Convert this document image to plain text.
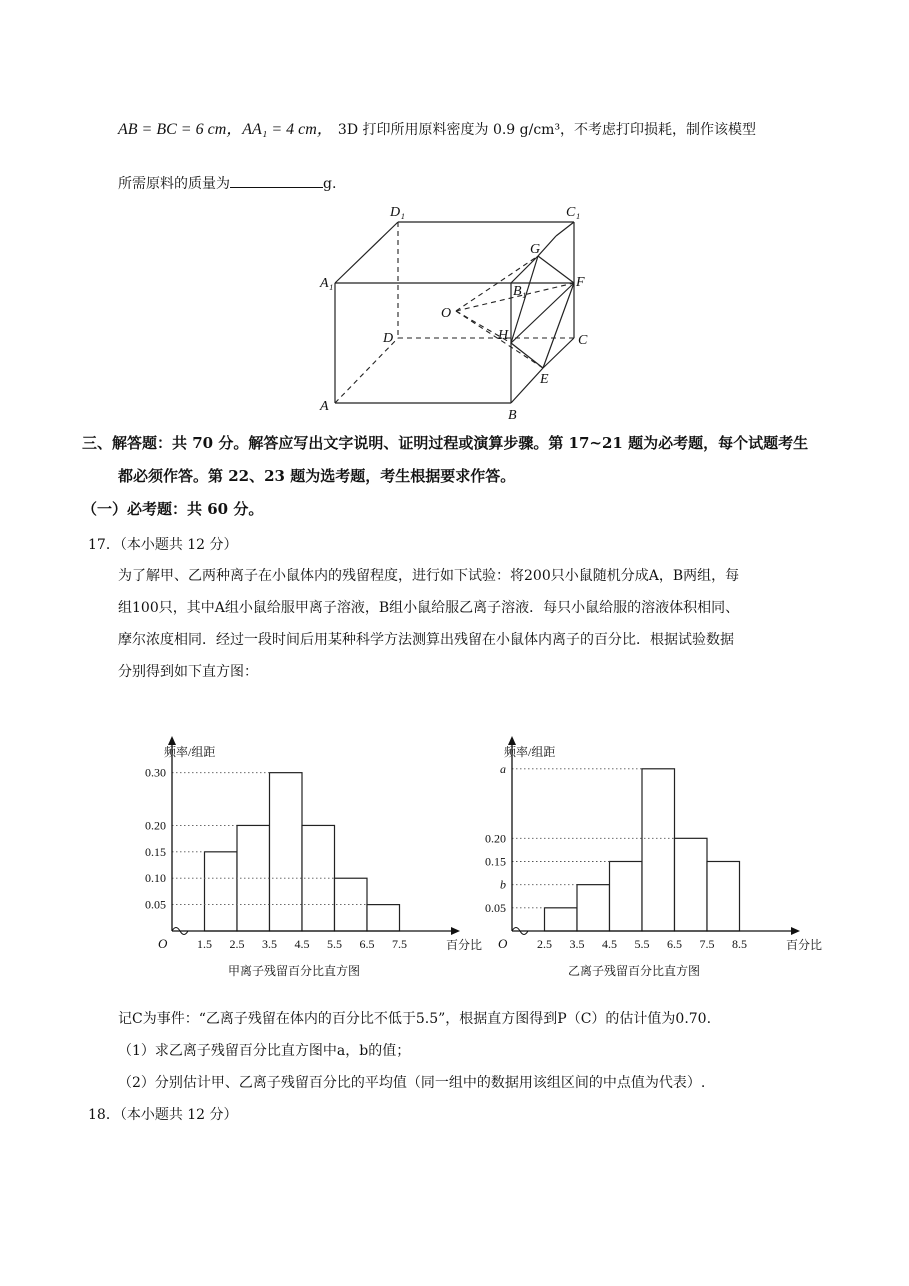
AB = BC = 6 cm，AA₁ = 4 cm， 3D 打印所用原料密度为 0.9 g/cm³，不考虑打印损耗，制作该模型
所需原料的质量为	g.
D₁	C₁
A₁
B₁
D	C
A
B
G
F
O
H
E
三、解答题：共 70 分。解答应写出文字说明、证明过程或演算步骤。第 17~21 题为必考题，每个试题考生
都必须作答。第 22、23 题为选考题，考生根据要求作答。
（一）必考题：共 60 分。
17．（本小题共 12 分）
为了解甲、乙两种离子在小鼠体内的残留程度，进行如下试验：将200只小鼠随机分成A，B两组，每
组100只，其中A组小鼠给服甲离子溶液，B组小鼠给服乙离子溶液．每只小鼠给服的溶液体积相同、
摩尔浓度相同．经过一段时间后用某种科学方法测算出残留在小鼠体内离子的百分比．根据试验数据
分别得到如下直方图：
0.05
0.10
0.15
0.20
0.30
1.5 2.5 3.5 4.5 5.5 6.5 7.5
O	百分比
频率/组距
甲离子残留百分比直方图
0.05
b
0.15
0.20
a
2.5 3.5 4.5 5.5 6.5 7.5 8.5
O	百分比
频率/组距
乙离子残留百分比直方图
记C为事件：“乙离子残留在体内的百分比不低于5.5”，根据直方图得到P（C）的估计值为0.70.
（1）求乙离子残留百分比直方图中a，b的值；
（2）分别估计甲、乙离子残留百分比的平均值（同一组中的数据用该组区间的中点值为代表）.
18．（本小题共 12 分）
